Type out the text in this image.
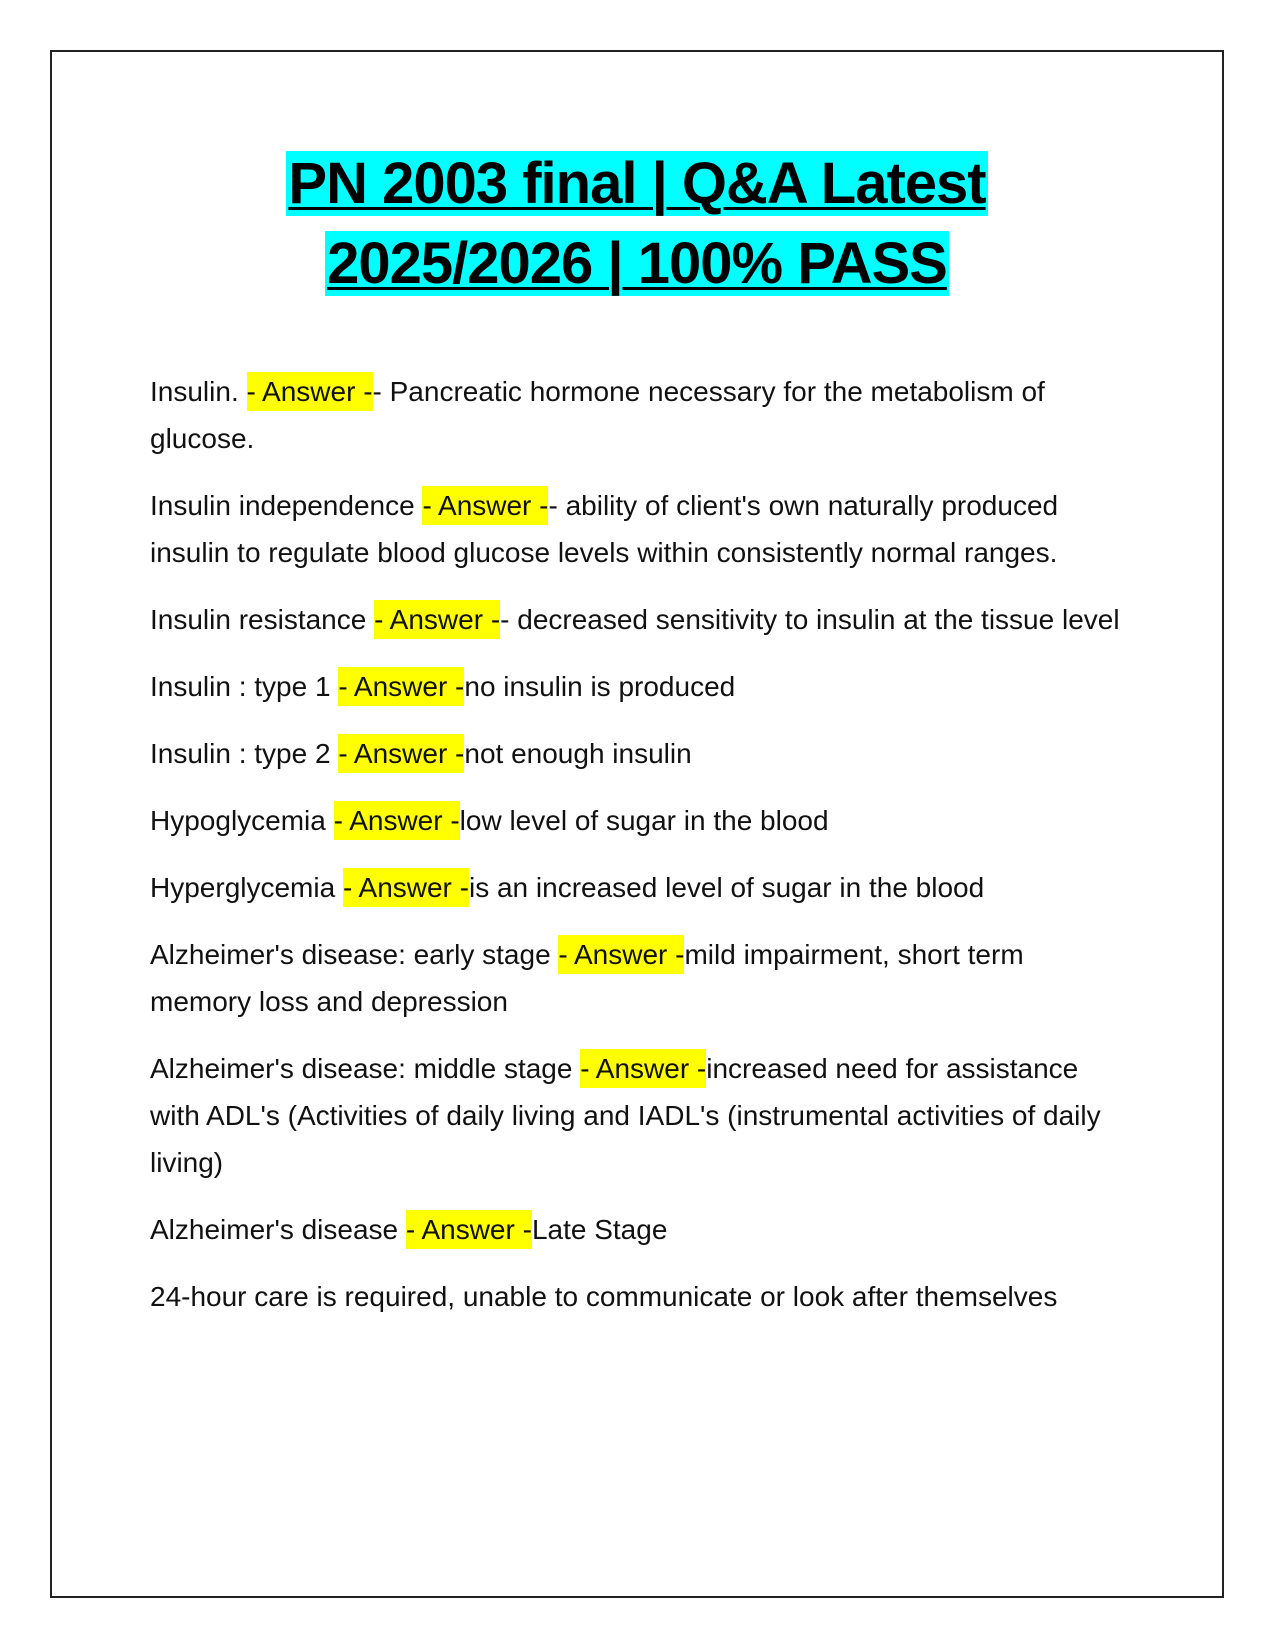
PN 2003 final | Q&A Latest
2025/2026 | 100% PASS

Insulin. - Answer -- Pancreatic hormone necessary for the metabolism of glucose.

Insulin independence - Answer -- ability of client's own naturally produced insulin to regulate blood glucose levels within consistently normal ranges.

Insulin resistance - Answer -- decreased sensitivity to insulin at the tissue level

Insulin : type 1 - Answer -no insulin is produced

Insulin : type 2 - Answer -not enough insulin

Hypoglycemia - Answer -low level of sugar in the blood

Hyperglycemia - Answer -is an increased level of sugar in the blood

Alzheimer's disease: early stage - Answer -mild impairment, short term memory loss and depression

Alzheimer's disease: middle stage - Answer -increased need for assistance with ADL's (Activities of daily living and IADL's (instrumental activities of daily living)

Alzheimer's disease - Answer -Late Stage

24-hour care is required, unable to communicate or look after themselves
